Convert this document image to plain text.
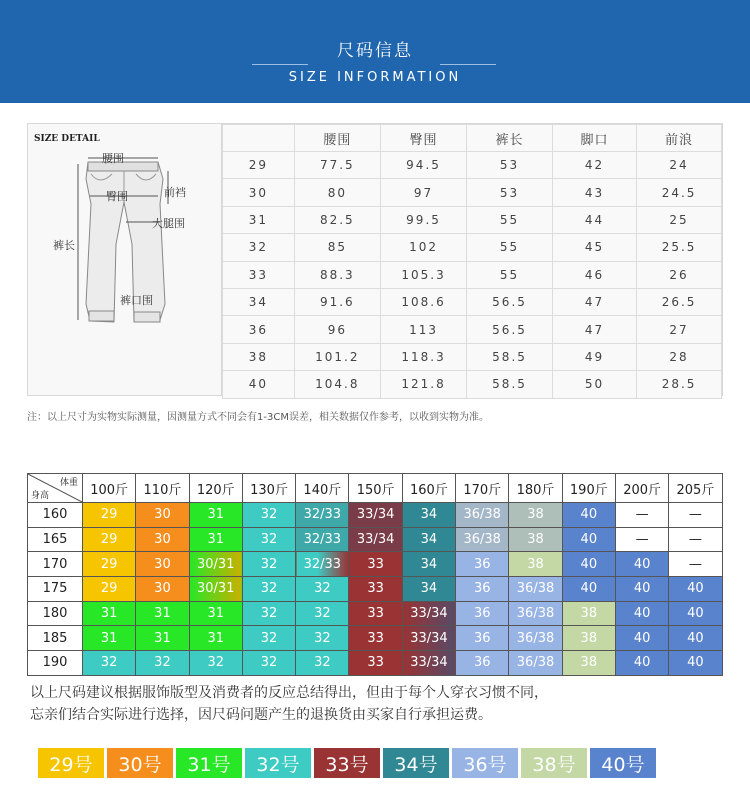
尺码信息
SIZE INFORMATION
SIZE DETAIL
腰围
臀围	前裆
大腿围
裤长
裤口围
	腰围	臀围	裤长	脚口	前浪
29	77.5	94.5	53	42	24
30	80	97	53	43	24.5
31	82.5	99.5	55	44	25
32	85	102	55	45	25.5
33	88.3	105.3	55	46	26
34	91.6	108.6	56.5	47	26.5
36	96	113	56.5	47	27
38	101.2	118.3	58.5	49	28
40	104.8	121.8	58.5	50	28.5
注：以上尺寸为实物实际测量，因测量方式不同会有1-3CM误差，相关数据仅作参考，以收到实物为准。
体重
身高	100斤	110斤	120斤	130斤	140斤	150斤	160斤	170斤	180斤	190斤	200斤	205斤
160	29	30	31	32	32/33	33/34	34	36/38	38	40	—	—
165	29	30	31	32	32/33	33/34	34	36/38	38	40	—	—
170	29	30	30/31	32	32/33	33	34	36	38	40	40	—
175	29	30	30/31	32	32	33	34	36	36/38	40	40	40
180	31	31	31	32	32	33	33/34	36	36/38	38	40	40
185	31	31	31	32	32	33	33/34	36	36/38	38	40	40
190	32	32	32	32	32	33	33/34	36	36/38	38	40	40
以上尺码建议根据服饰版型及消费者的反应总结得出，但由于每个人穿衣习惯不同，
忘亲们结合实际进行选择，因尺码问题产生的退换货由买家自行承担运费。
29号	30号	31号	32号	33号	34号	36号	38号	40号
